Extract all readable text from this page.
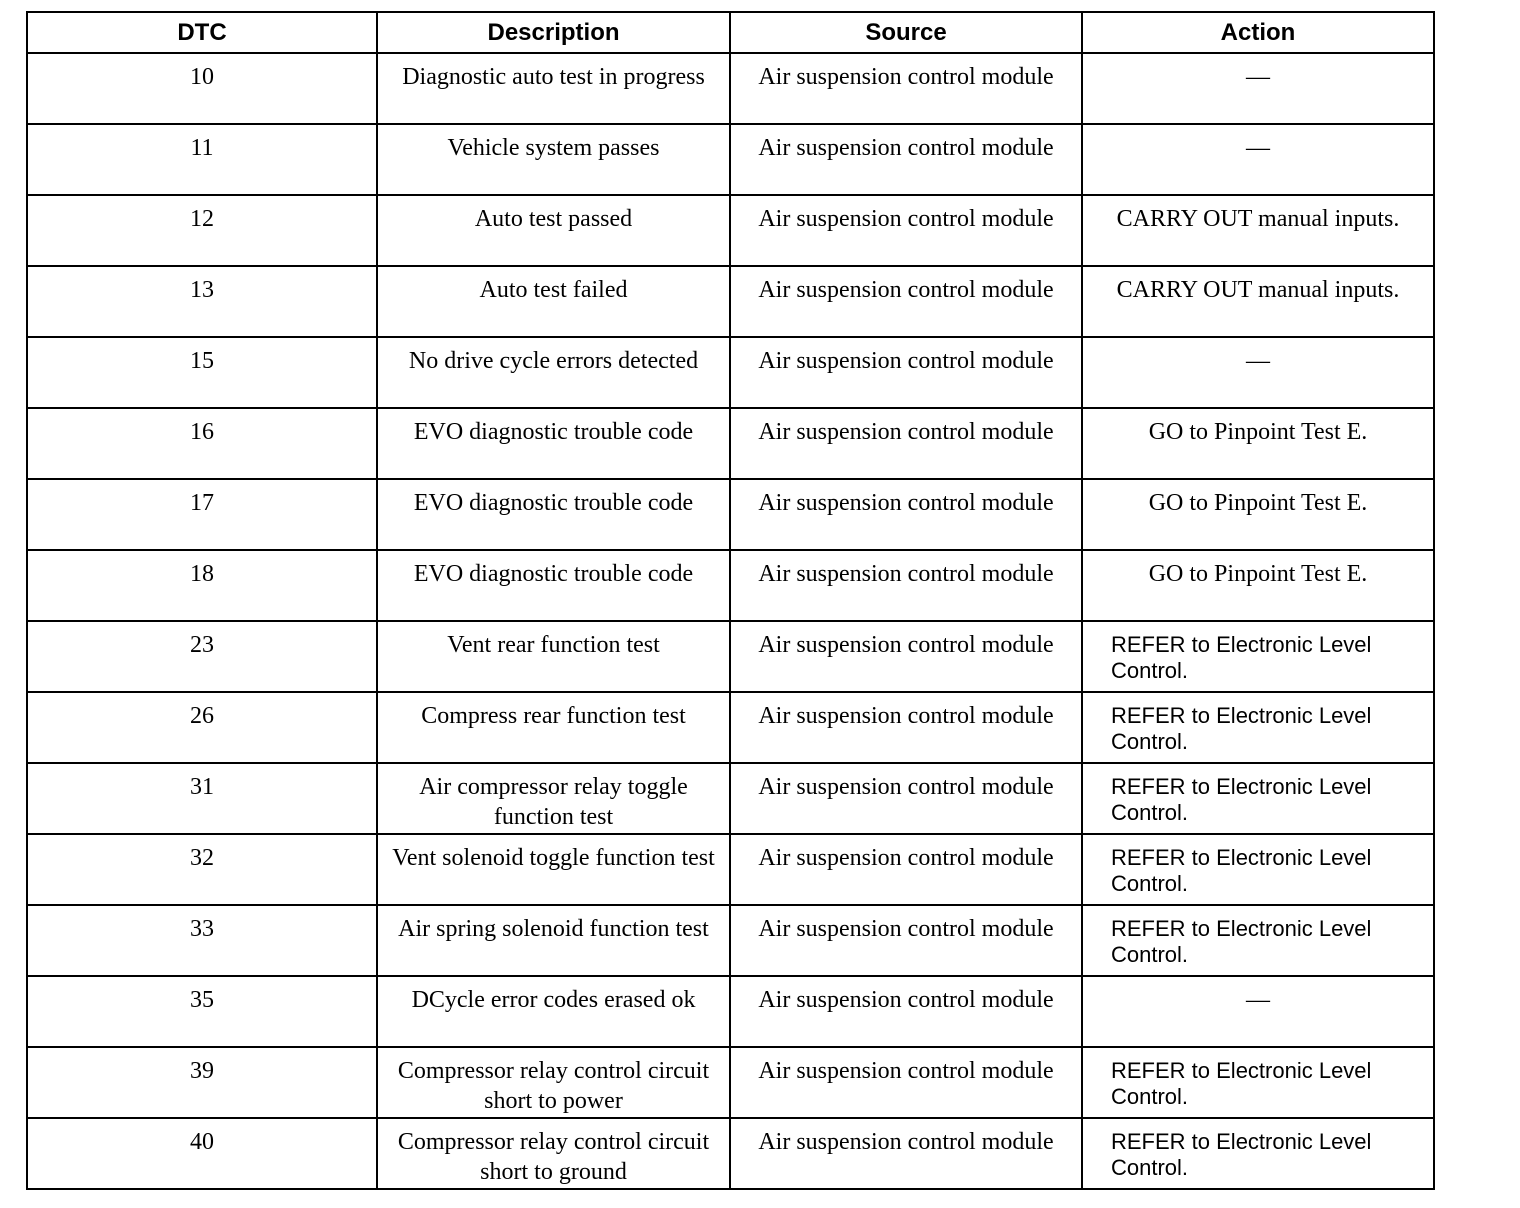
DTC	Description	Source	Action
10	Diagnostic auto test in progress	Air suspension control module	—
11	Vehicle system passes	Air suspension control module	—
12	Auto test passed	Air suspension control module	CARRY OUT manual inputs.
13	Auto test failed	Air suspension control module	CARRY OUT manual inputs.
15	No drive cycle errors detected	Air suspension control module	—
16	EVO diagnostic trouble code	Air suspension control module	GO to Pinpoint Test E.
17	EVO diagnostic trouble code	Air suspension control module	GO to Pinpoint Test E.
18	EVO diagnostic trouble code	Air suspension control module	GO to Pinpoint Test E.
23	Vent rear function test	Air suspension control module	REFER to Electronic Level
Control.

26	Compress rear function test	Air suspension control module	REFER to Electronic Level
Control.

31	Air compressor relay toggle function test	Air suspension control module	REFER to Electronic Level
Control.

32	Vent solenoid toggle function test	Air suspension control module	REFER to Electronic Level
Control.

33	Air spring solenoid function test	Air suspension control module	REFER to Electronic Level
Control.

35	DCycle error codes erased ok	Air suspension control module	—
39	Compressor relay control circuit short to power	Air suspension control module	REFER to Electronic Level
Control.

40	Compressor relay control circuit short to ground	Air suspension control module	REFER to Electronic Level
Control.
